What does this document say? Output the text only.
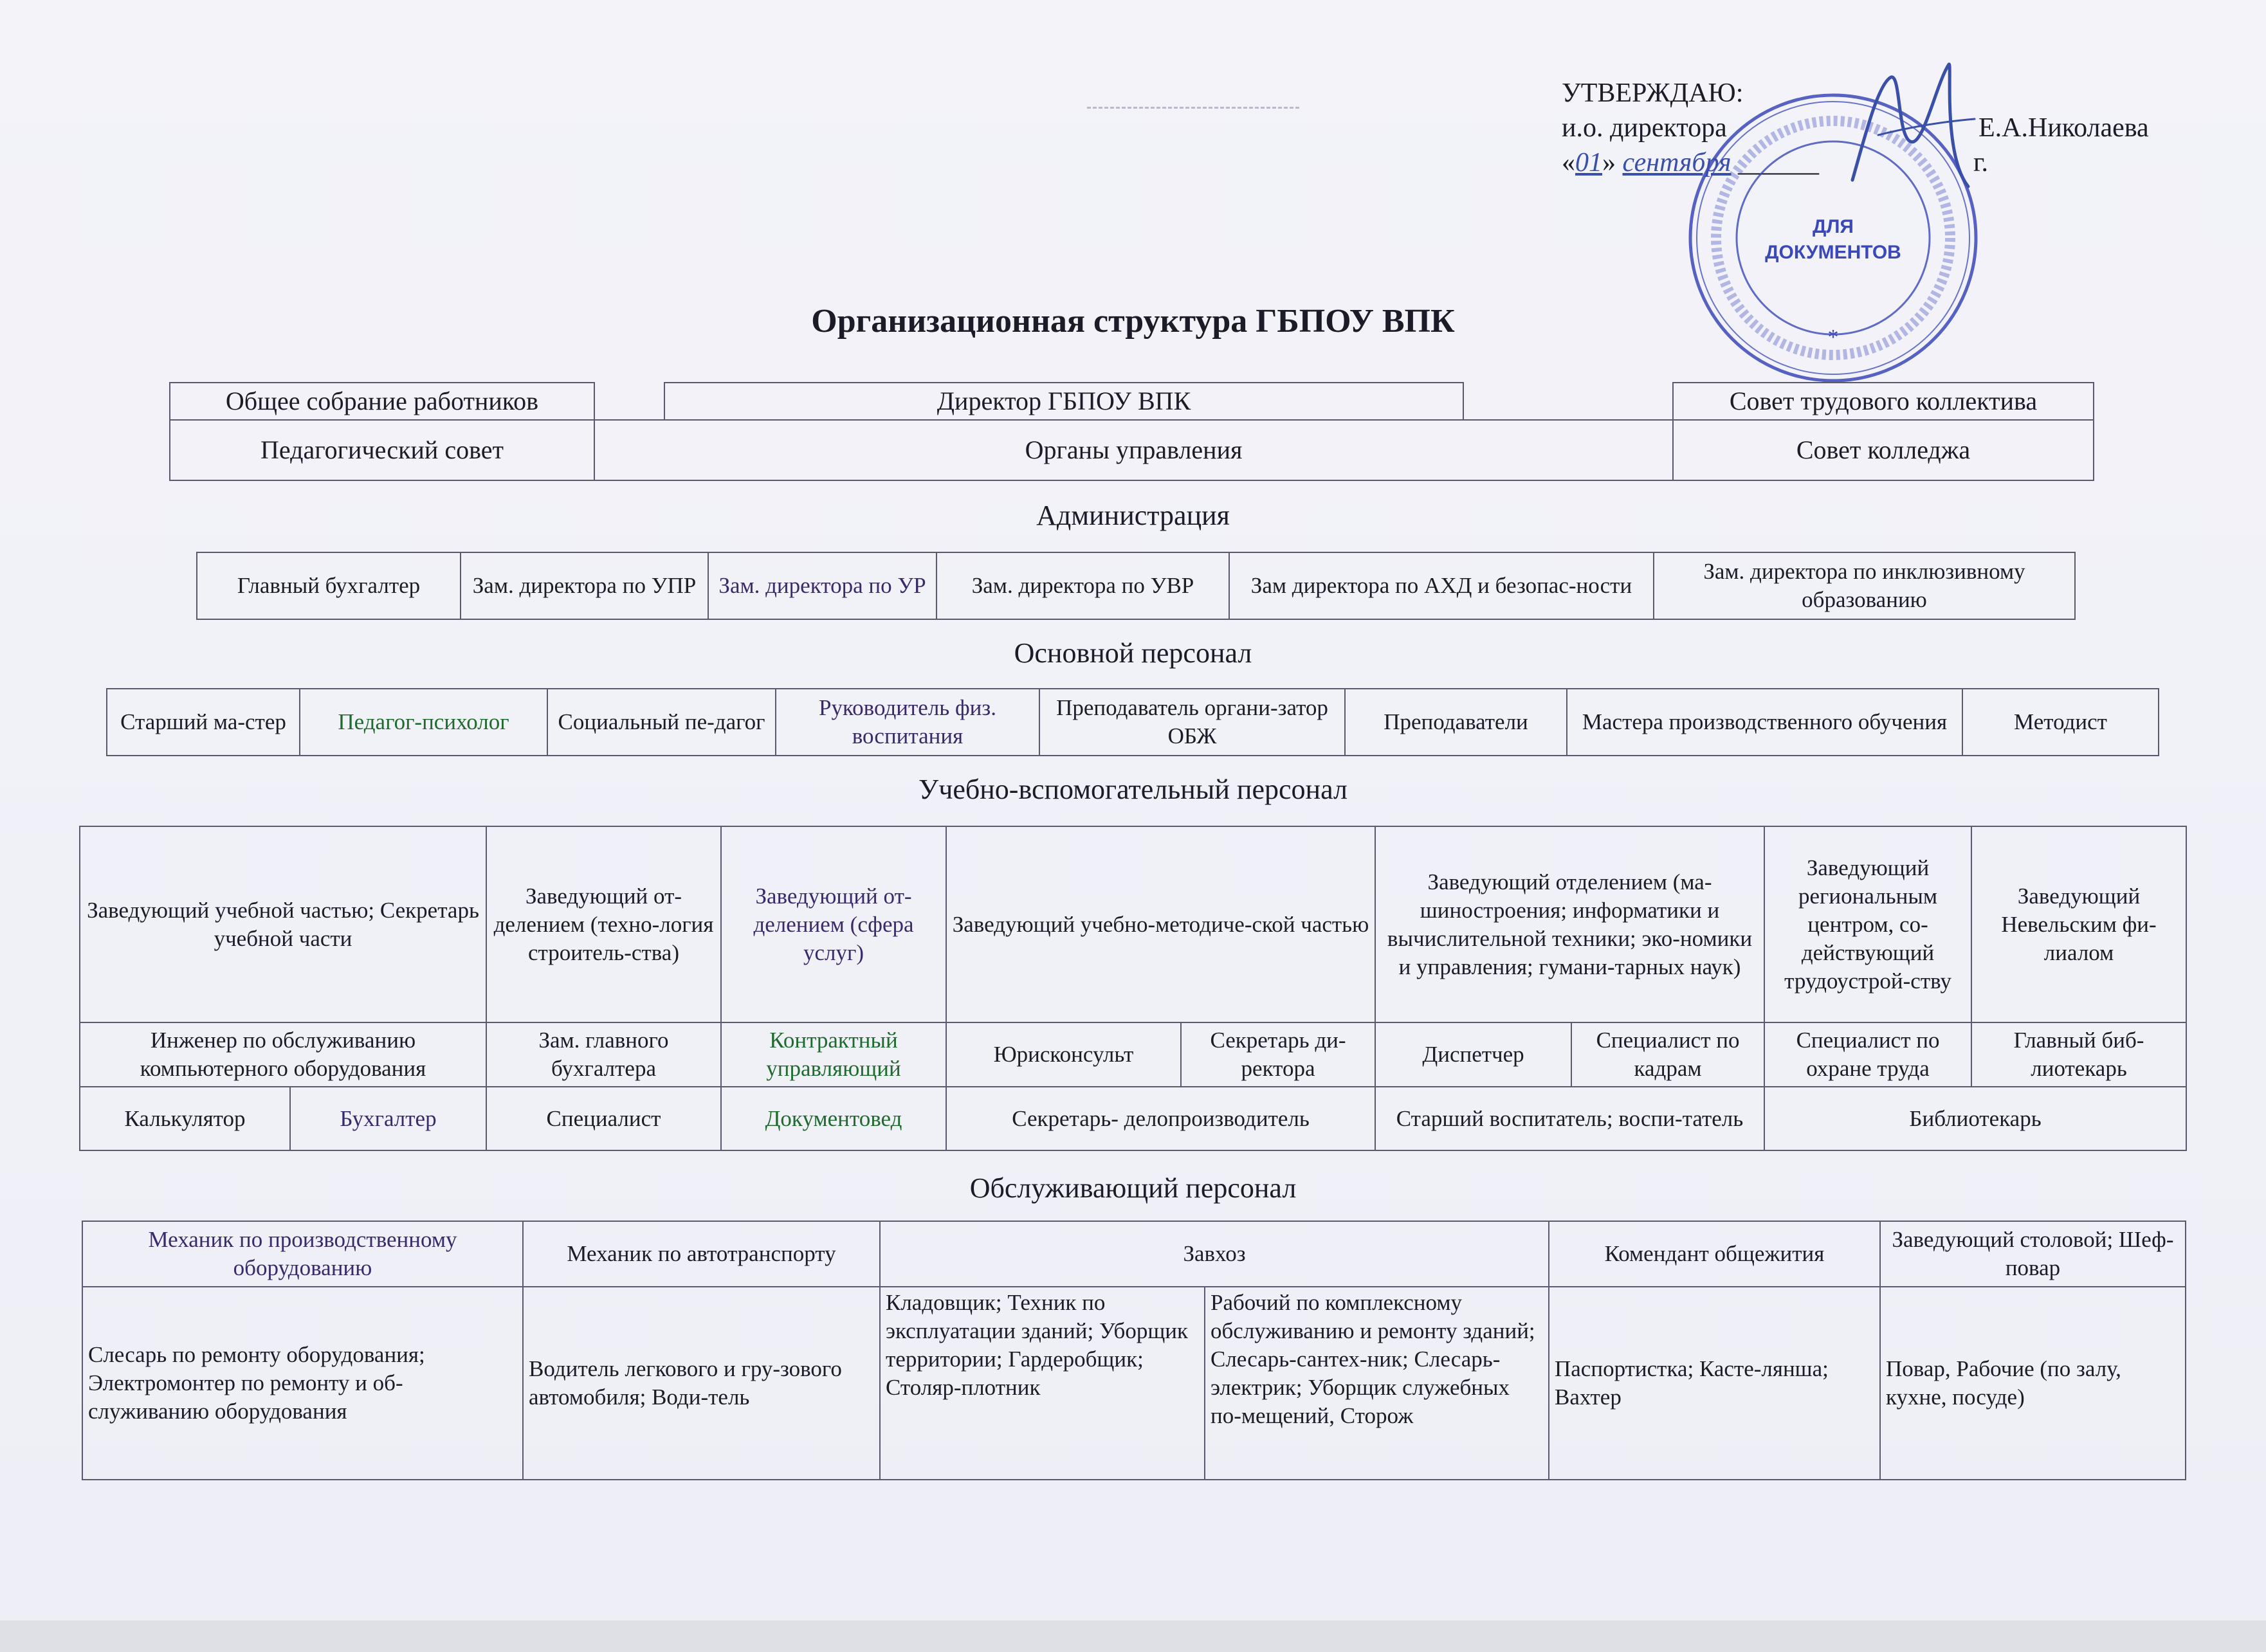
УТВЕРЖДАЮ:
и.о. директора	Е.А.Николаева
«01» сентября ______	г.
ДЛЯ
ДОКУМЕНТОВ
*
Организационная структура ГБПОУ ВПК
Общее собрание работников	Директор ГБПОУ ВПК	Совет трудового коллектива
Педагогический совет	Органы управления	Совет колледжа
Администрация
Главный бухгалтер	Зам. директора по УПР	Зам. директора по УР	Зам. директора по УВР	Зам директора по АХД и безопас-ности	Зам. директора по инклюзивному образованию
Основной персонал
Старший ма-стер	Педагог-психолог	Социальный пе-дагог	Руководитель физ. воспитания	Преподаватель органи-затор ОБЖ	Преподаватели	Мастера производственного обучения	Методист
Учебно-вспомогательный персонал
Заведующий учебной частью; Секретарь учебной части		Заведующий от-делением (техно-логия строитель-ства)	Заведующий от-делением (сфера услуг)	Заведующий учебно-методиче-ской частью		Заведующий отделением (ма-шиностроения; информатики и вычислительной техники; эко-номики и управления; гумани-тарных наук)		Заведующий региональным центром, со-действующий трудоустрой-ству	Заведующий Невельским фи-лиалом
Инженер по обслуживанию компьютерного оборудования		Зам. главного бухгалтера	Контрактный управляющий	Юрисконсульт	Секретарь ди-ректора	Диспетчер	Специалист по кадрам	Специалист по охране труда	Главный биб-лиотекарь
Калькулятор	Бухгалтер	Специалист	Документовед	Секретарь- делопроизводитель		Старший воспитатель; воспи-татель		Библиотекарь	
Обслуживающий персонал
Механик по производственному оборудованию	Механик по автотранспорту	Завхоз		Комендант общежития	Заведующий столовой; Шеф-повар
Слесарь по ремонту оборудования; Электромонтер по ремонту и об-служиванию оборудования	Водитель легкового и гру-зового автомобиля; Води-тель	Кладовщик; Техник по эксплуатации зданий; Уборщик территории; Гардеробщик; Столяр-плотник	Рабочий по комплексному обслуживанию и ремонту зданий; Слесарь-сантех-ник; Слесарь-электрик; Уборщик служебных по-мещений, Сторож	Паспортистка; Касте-лянша; Вахтер	Повар, Рабочие (по залу, кухне, посуде)
